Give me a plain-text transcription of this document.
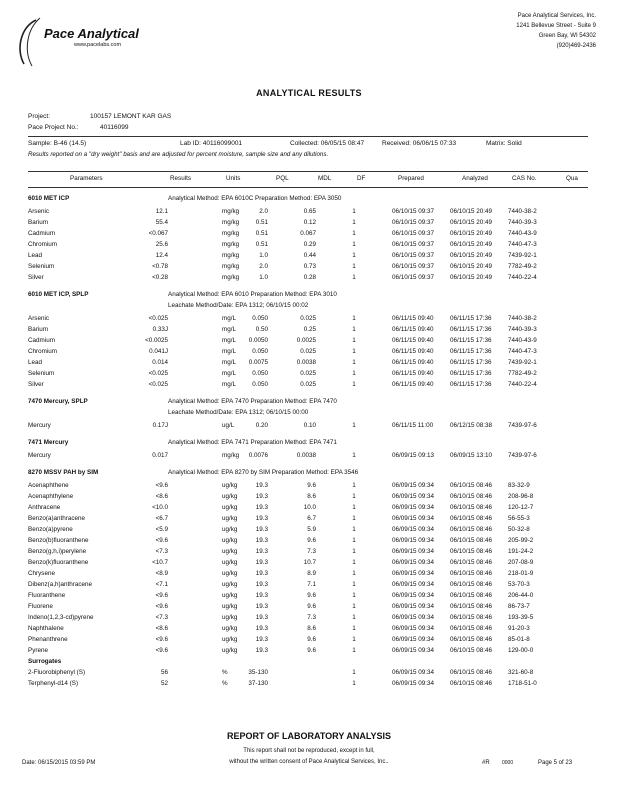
Pace Analytical
www.pacelabs.com
Pace Analytical Services, Inc.
1241 Bellevue Street - Suite 9
Green Bay, WI 54302
(920)469-2436
ANALYTICAL RESULTS
Project:	100157 LEMONT KAR GAS
Pace Project No.:	40116099
Sample: B-46 (14.5)	Lab ID: 40116099001	Collected: 06/05/15 08:47	Received: 06/06/15 07:33	Matrix: Solid
Results reported on a "dry weight" basis and are adjusted for percent moisture, sample size and any dilutions.
Parameters	Results	Units	PQL	MDL	DF	Prepared	Analyzed	CAS No.	Qua
6010 MET ICP	Analytical Method: EPA 6010C Preparation Method: EPA 3050
Arsenic	12.1	mg/kg	2.0	0.65	1	06/10/15 09:37	06/10/15 20:49	7440-38-2
Barium	55.4	mg/kg	0.51	0.12	1	06/10/15 09:37	06/10/15 20:49	7440-39-3
Cadmium	<0.067	mg/kg	0.51	0.067	1	06/10/15 09:37	06/10/15 20:49	7440-43-9
Chromium	25.6	mg/kg	0.51	0.29	1	06/10/15 09:37	06/10/15 20:49	7440-47-3
Lead	12.4	mg/kg	1.0	0.44	1	06/10/15 09:37	06/10/15 20:49	7439-92-1
Selenium	<0.78	mg/kg	2.0	0.73	1	06/10/15 09:37	06/10/15 20:49	7782-49-2
Silver	<0.28	mg/kg	1.0	0.28	1	06/10/15 09:37	06/10/15 20:49	7440-22-4
6010 MET ICP, SPLP	Analytical Method: EPA 6010 Preparation Method: EPA 3010
Leachate Method/Date: EPA 1312; 06/10/15 00:02
Arsenic	<0.025	mg/L	0.050	0.025	1	06/11/15 09:40	06/11/15 17:36	7440-38-2
Barium	0.33J	mg/L	0.50	0.25	1	06/11/15 09:40	06/11/15 17:36	7440-39-3
Cadmium	<0.0025	mg/L	0.0050	0.0025	1	06/11/15 09:40	06/11/15 17:36	7440-43-9
Chromium	0.041J	mg/L	0.050	0.025	1	06/11/15 09:40	06/11/15 17:36	7440-47-3
Lead	0.014	mg/L	0.0075	0.0038	1	06/11/15 09:40	06/11/15 17:36	7439-92-1
Selenium	<0.025	mg/L	0.050	0.025	1	06/11/15 09:40	06/11/15 17:36	7782-49-2
Silver	<0.025	mg/L	0.050	0.025	1	06/11/15 09:40	06/11/15 17:36	7440-22-4
7470 Mercury, SPLP	Analytical Method: EPA 7470 Preparation Method: EPA 7470
Leachate Method/Date: EPA 1312; 06/10/15 00:00
Mercury	0.17J	ug/L	0.20	0.10	1	06/11/15 11:00	06/12/15 08:38	7439-97-6
7471 Mercury	Analytical Method: EPA 7471 Preparation Method: EPA 7471
Mercury	0.017	mg/kg	0.0076	0.0038	1	06/09/15 09:13	06/09/15 13:10	7439-97-6
8270 MSSV PAH by SIM	Analytical Method: EPA 8270 by SIM Preparation Method: EPA 3546
Acenaphthene	<9.6	ug/kg	19.3	9.6	1	06/09/15 09:34	06/10/15 08:46	83-32-9
Acenaphthylene	<8.6	ug/kg	19.3	8.6	1	06/09/15 09:34	06/10/15 08:46	208-96-8
Anthracene	<10.0	ug/kg	19.3	10.0	1	06/09/15 09:34	06/10/15 08:46	120-12-7
Benzo(a)anthracene	<6.7	ug/kg	19.3	6.7	1	06/09/15 09:34	06/10/15 08:46	56-55-3
Benzo(a)pyrene	<5.9	ug/kg	19.3	5.9	1	06/09/15 09:34	06/10/15 08:46	50-32-8
Benzo(b)fluoranthene	<9.6	ug/kg	19.3	9.6	1	06/09/15 09:34	06/10/15 08:46	205-99-2
Benzo(g,h,i)perylene	<7.3	ug/kg	19.3	7.3	1	06/09/15 09:34	06/10/15 08:46	191-24-2
Benzo(k)fluoranthene	<10.7	ug/kg	19.3	10.7	1	06/09/15 09:34	06/10/15 08:46	207-08-9
Chrysene	<8.9	ug/kg	19.3	8.9	1	06/09/15 09:34	06/10/15 08:46	218-01-9
Dibenz(a,h)anthracene	<7.1	ug/kg	19.3	7.1	1	06/09/15 09:34	06/10/15 08:46	53-70-3
Fluoranthene	<9.6	ug/kg	19.3	9.6	1	06/09/15 09:34	06/10/15 08:46	206-44-0
Fluorene	<9.6	ug/kg	19.3	9.6	1	06/09/15 09:34	06/10/15 08:46	86-73-7
Indeno(1,2,3-cd)pyrene	<7.3	ug/kg	19.3	7.3	1	06/09/15 09:34	06/10/15 08:46	193-39-5
Naphthalene	<8.6	ug/kg	19.3	8.6	1	06/09/15 09:34	06/10/15 08:46	91-20-3
Phenanthrene	<9.6	ug/kg	19.3	9.6	1	06/09/15 09:34	06/10/15 08:46	85-01-8
Pyrene	<9.6	ug/kg	19.3	9.6	1	06/09/15 09:34	06/10/15 08:46	129-00-0
Surrogates
2-Fluorobiphenyl (S)	56	%	35-130	1	06/09/15 09:34	06/10/15 08:46	321-60-8
Terphenyl-d14 (S)	52	%	37-130	1	06/09/15 09:34	06/10/15 08:46	1718-51-0
REPORT OF LABORATORY ANALYSIS
This report shall not be reproduced, except in full,
without the written consent of Pace Analytical Services, Inc..
Date: 06/15/2015 03:59 PM	#R 0000	Page 5 of 23
